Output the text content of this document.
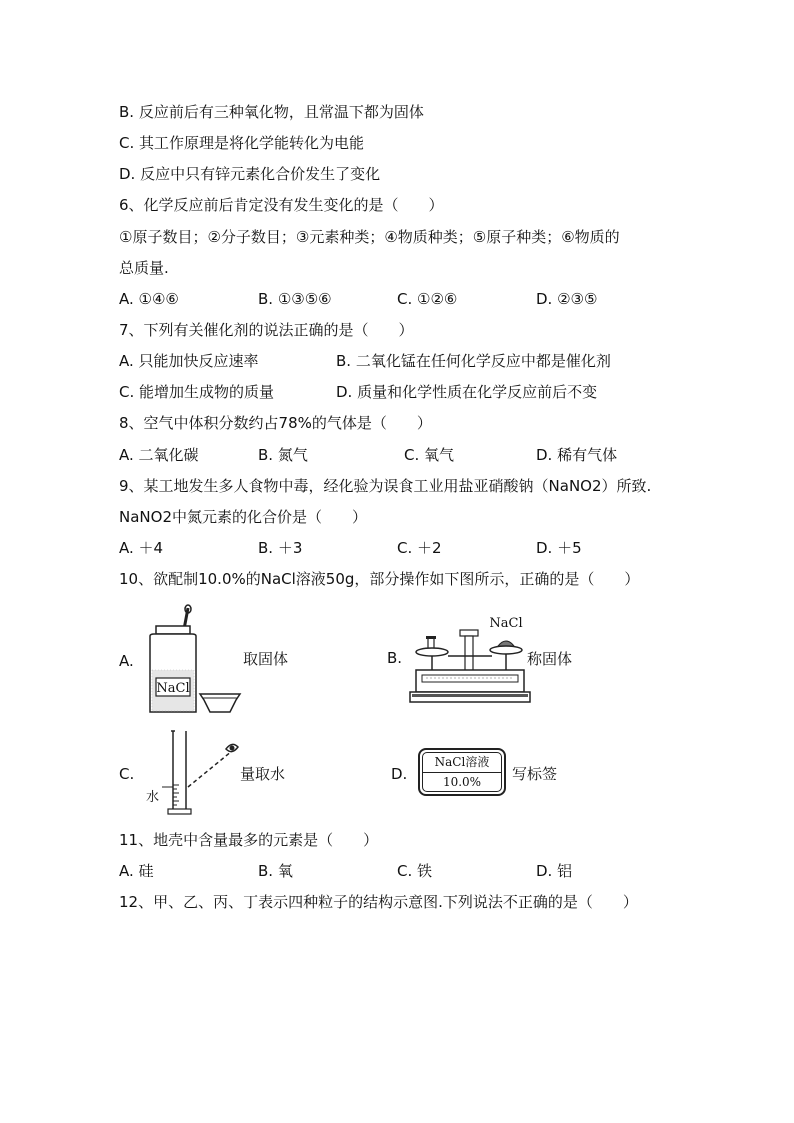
B. 反应前后有三种氧化物，且常温下都为固体
C. 其工作原理是将化学能转化为电能
D. 反应中只有锌元素化合价发生了变化
6、化学反应前后肯定没有发生变化的是（　　）
①原子数目；②分子数目；③元素种类；④物质种类；⑤原子种类；⑥物质的
总质量.
A. ①④⑥	B. ①③⑤⑥	C. ①②⑥	D. ②③⑤
7、下列有关催化剂的说法正确的是（　　）
A. 只能加快反应速率	B. 二氧化锰在任何化学反应中都是催化剂
C. 能增加生成物的质量	D. 质量和化学性质在化学反应前后不变
8、空气中体积分数约占78%的气体是（　　）
A. 二氧化碳	B. 氮气	C. 氧气	D. 稀有气体
9、某工地发生多人食物中毒，经化验为误食工业用盐亚硝酸钠（NaNO2）所致.
NaNO2中氮元素的化合价是（　　）
A. ＋4	B. ＋3	C. ＋2	D. ＋5
10、欲配制10.0%的NaCl溶液50g，部分操作如下图所示，正确的是（　　）
A.
NaCl
取固体	B.
NaCl
称固体
C.
水
量取水	D.
NaCl溶液
10.0%	写标签
11、地壳中含量最多的元素是（　　）
A. 硅	B. 氧	C. 铁	D. 铝
12、甲、乙、丙、丁表示四种粒子的结构示意图.下列说法不正确的是（　　）
